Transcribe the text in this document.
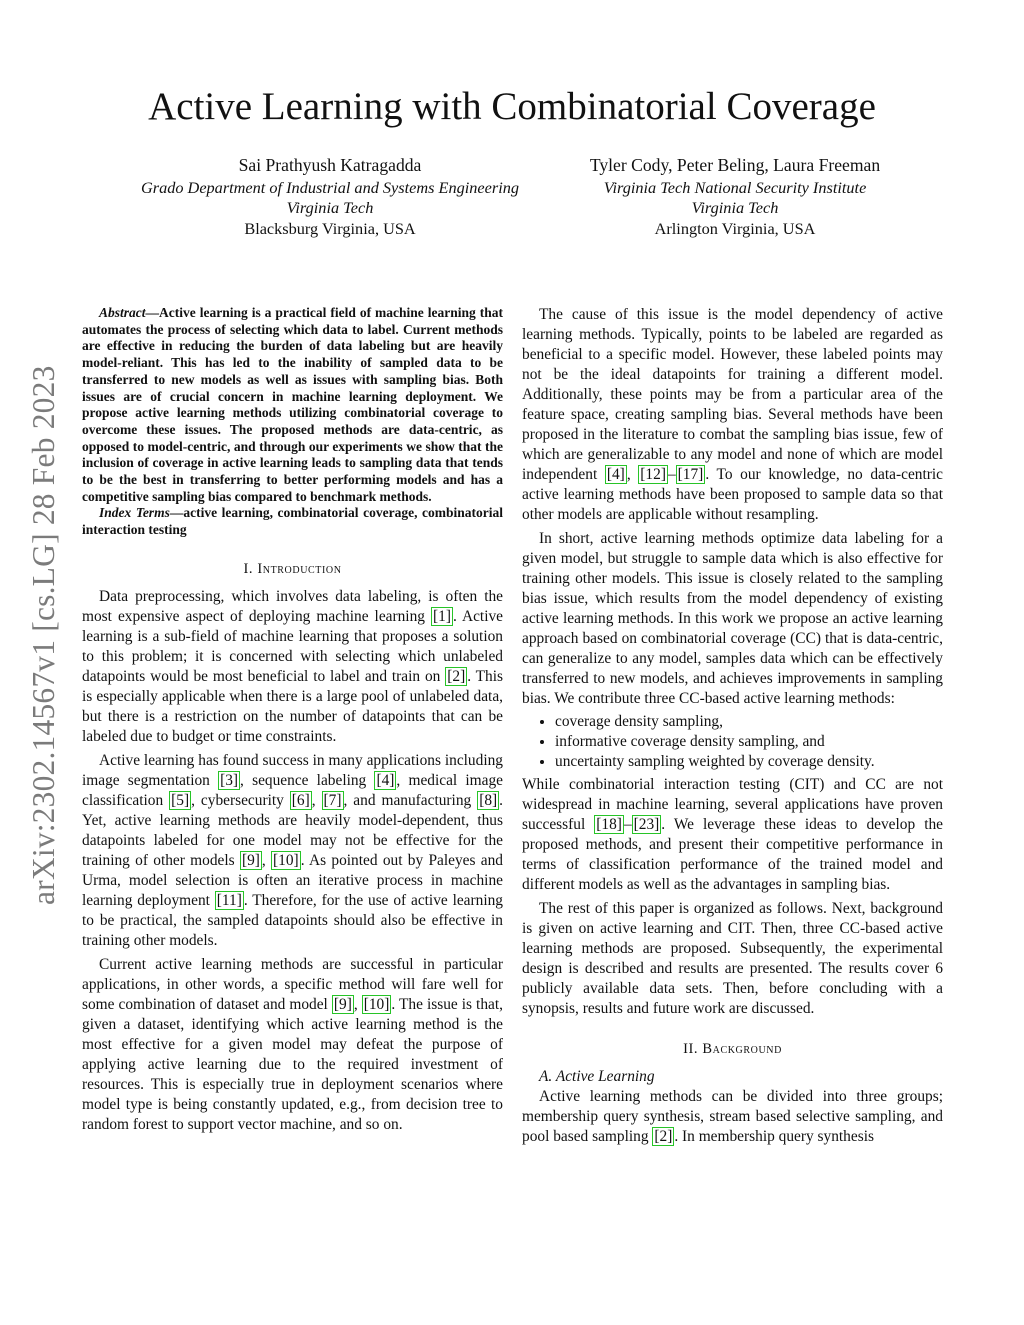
arXiv:2302.14567v1 [cs.LG] 28 Feb 2023
Active Learning with Combinatorial Coverage
Sai Prathyush Katragadda
Grado Department of Industrial and Systems Engineering
Virginia Tech
Blacksburg Virginia, USA
Tyler Cody, Peter Beling, Laura Freeman
Virginia Tech National Security Institute
Virginia Tech
Arlington Virginia, USA

Abstract—Active learning is a practical field of machine learning that automates the process of selecting which data to label. Current methods are effective in reducing the burden of data labeling but are heavily model-reliant. This has led to the inability of sampled data to be transferred to new models as well as issues with sampling bias. Both issues are of crucial concern in machine learning deployment. We propose active learning methods utilizing combinatorial coverage to overcome these issues. The proposed methods are data-centric, as opposed to model-centric, and through our experiments we show that the inclusion of coverage in active learning leads to sampling data that tends to be the best in transferring to better performing models and has a competitive sampling bias compared to benchmark methods.

Index Terms—active learning, combinatorial coverage, combinatorial interaction testing

I. Introduction

Data preprocessing, which involves data labeling, is often the most expensive aspect of deploying machine learning [1] . Active learning is a sub-field of machine learning that proposes a solution to this problem; it is concerned with selecting which unlabeled datapoints would be most beneficial to label and train on [2] . This is especially applicable when there is a large pool of unlabeled data, but there is a restriction on the number of datapoints that can be labeled due to budget or time constraints.

Active learning has found success in many applications including image segmentation [3] , sequence labeling [4] , medical image classification [5] , cybersecurity [6] , [7] , and manufacturing [8] . Yet, active learning methods are heavily model-dependent, thus datapoints labeled for one model may not be effective for the training of other models [9] , [10] . As pointed out by Paleyes and Urma, model selection is often an iterative process in machine learning deployment [11] . Therefore, for the use of active learning to be practical, the sampled datapoints should also be effective in training other models.

Current active learning methods are successful in particular applications, in other words, a specific method will fare well for some combination of dataset and model [9] , [10] . The issue is that, given a dataset, identifying which active learning method is the most effective for a given model may defeat the purpose of applying active learning due to the required investment of resources. This is especially true in deployment scenarios where model type is being constantly updated, e.g., from decision tree to random forest to support vector machine, and so on.

The cause of this issue is the model dependency of active learning methods. Typically, points to be labeled are regarded as beneficial to a specific model. However, these labeled points may not be the ideal datapoints for training a different model. Additionally, these points may be from a particular area of the feature space, creating sampling bias. Several methods have been proposed in the literature to combat the sampling bias issue, few of which are generalizable to any model and none of which are model independent [4] , [12] – [17] . To our knowledge, no data-centric active learning methods have been proposed to sample data so that other models are applicable without resampling.

In short, active learning methods optimize data labeling for a given model, but struggle to sample data which is also effective for training other models. This issue is closely related to the sampling bias issue, which results from the model dependency of existing active learning methods. In this work we propose an active learning approach based on combinatorial coverage (CC) that is data-centric, can generalize to any model, samples data which can be effectively transferred to new models, and achieves improvements in sampling bias. We contribute three CC-based active learning methods:

• coverage density sampling,
• informative coverage density sampling, and
• uncertainty sampling weighted by coverage density.

While combinatorial interaction testing (CIT) and CC are not widespread in machine learning, several applications have proven successful [18] – [23] . We leverage these ideas to develop the proposed methods, and present their competitive performance in terms of classification performance of the trained model and different models as well as the advantages in sampling bias.

The rest of this paper is organized as follows. Next, background is given on active learning and CIT. Then, three CC-based active learning methods are proposed. Subsequently, the experimental design is described and results are presented. The results cover 6 publicly available data sets. Then, before concluding with a synopsis, results and future work are discussed.

II. Background

A. Active Learning

Active learning methods can be divided into three groups; membership query synthesis, stream based selective sampling, and pool based sampling [2] . In membership query synthesis
